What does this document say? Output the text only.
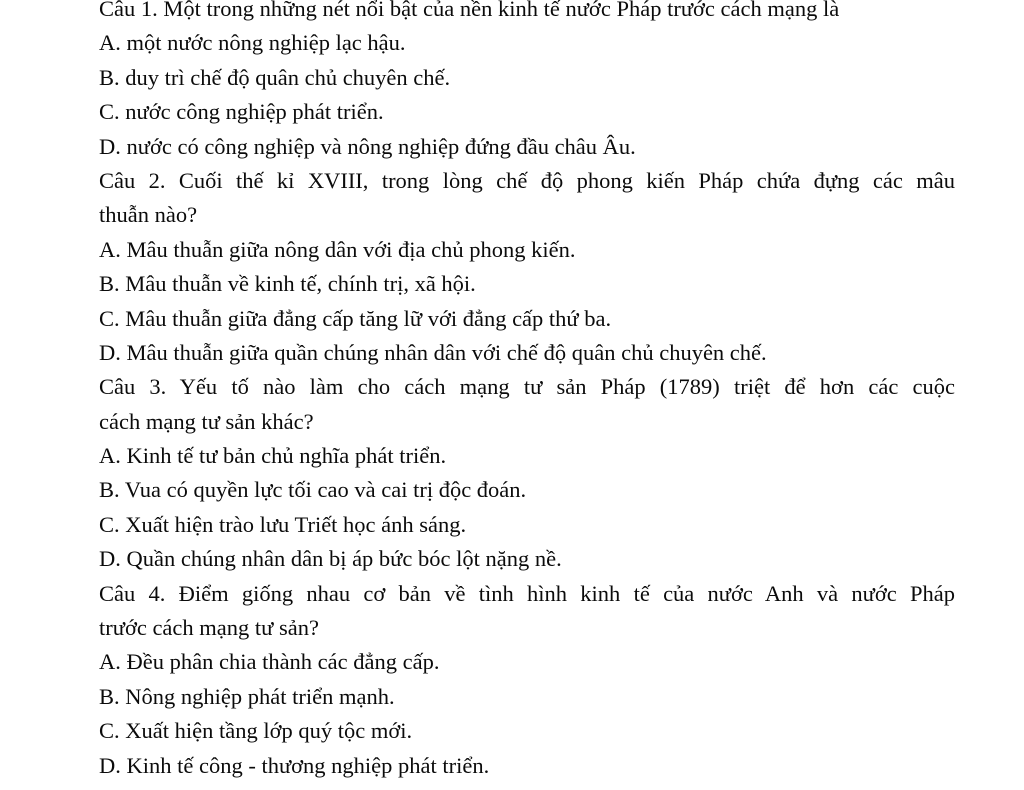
Câu 1. Một trong những nét nổi bật của nền kinh tế nước Pháp trước cách mạng là
A. một nước nông nghiệp lạc hậu.
B. duy trì chế độ quân chủ chuyên chế.
C. nước công nghiệp phát triển.
D. nước có công nghiệp và nông nghiệp đứng đầu châu Âu.
Câu 2. Cuối thế kỉ XVIII, trong lòng chế độ phong kiến Pháp chứa đựng các mâu
thuẫn nào?
A. Mâu thuẫn giữa nông dân với địa chủ phong kiến.
B. Mâu thuẫn về kinh tế, chính trị, xã hội.
C. Mâu thuẫn giữa đẳng cấp tăng lữ với đẳng cấp thứ ba.
D. Mâu thuẫn giữa quần chúng nhân dân với chế độ quân chủ chuyên chế.
Câu 3. Yếu tố nào làm cho cách mạng tư sản Pháp (1789) triệt để hơn các cuộc
cách mạng tư sản khác?
A. Kinh tế tư bản chủ nghĩa phát triển.
B. Vua có quyền lực tối cao và cai trị độc đoán.
C. Xuất hiện trào lưu Triết học ánh sáng.
D. Quần chúng nhân dân bị áp bức bóc lột nặng nề.
Câu 4. Điểm giống nhau cơ bản về tình hình kinh tế của nước Anh và nước Pháp
trước cách mạng tư sản?
A. Đều phân chia thành các đẳng cấp.
B. Nông nghiệp phát triển mạnh.
C. Xuất hiện tầng lớp quý tộc mới.
D. Kinh tế công - thương nghiệp phát triển.
